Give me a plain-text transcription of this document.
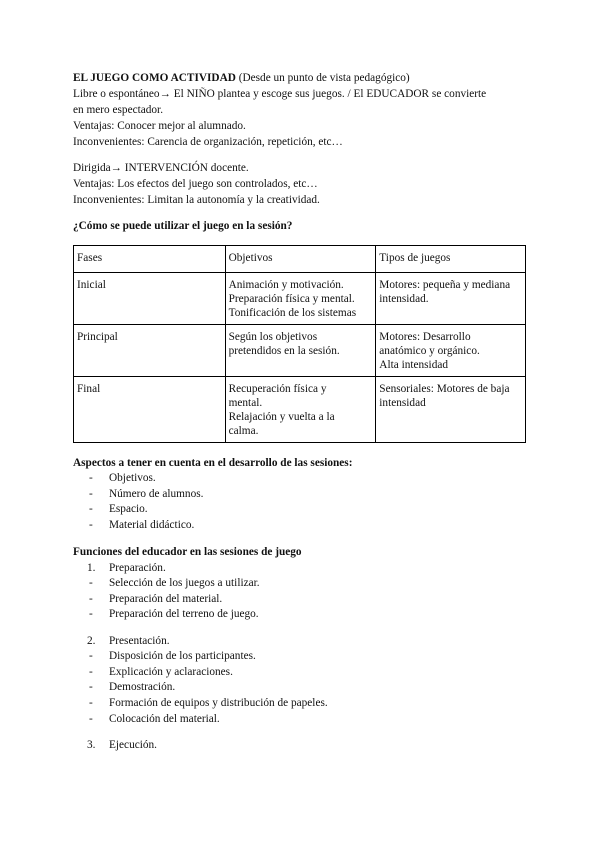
EL JUEGO COMO ACTIVIDAD (Desde un punto de vista pedagógico)

Libre o espontáneo→ El NIÑO plantea y escoge sus juegos. / El EDUCADOR se convierte

en mero espectador.

Ventajas: Conocer mejor al alumnado.

Inconvenientes: Carencia de organización, repetición, etc…

Dirigida→ INTERVENCIÓN docente.

Ventajas: Los efectos del juego son controlados, etc…

Inconvenientes: Limitan la autonomía y la creatividad.

¿Cómo se puede utilizar el juego en la sesión?

Fases	Objetivos	Tipos de juegos
Inicial	Animación y motivación.
Preparación física y mental.
Tonificación de los sistemas	Motores: pequeña y mediana
intensidad.

Principal	Según los objetivos
pretendidos en la sesión.	Motores: Desarrollo
anatómico y orgánico.
Alta intensidad

Final	Recuperación física y
mental.
Relajación y vuelta a la
calma.	Sensoriales: Motores de baja
intensidad

Aspectos a tener en cuenta en el desarrollo de las sesiones:

- Objetivos.
- Número de alumnos.
- Espacio.
- Material didáctico.

Funciones del educador en las sesiones de juego

1. Preparación.
- Selección de los juegos a utilizar.
- Preparación del material.
- Preparación del terreno de juego.
2. Presentación.
- Disposición de los participantes.
- Explicación y aclaraciones.
- Demostración.
- Formación de equipos y distribución de papeles.
- Colocación del material.
3. Ejecución.
